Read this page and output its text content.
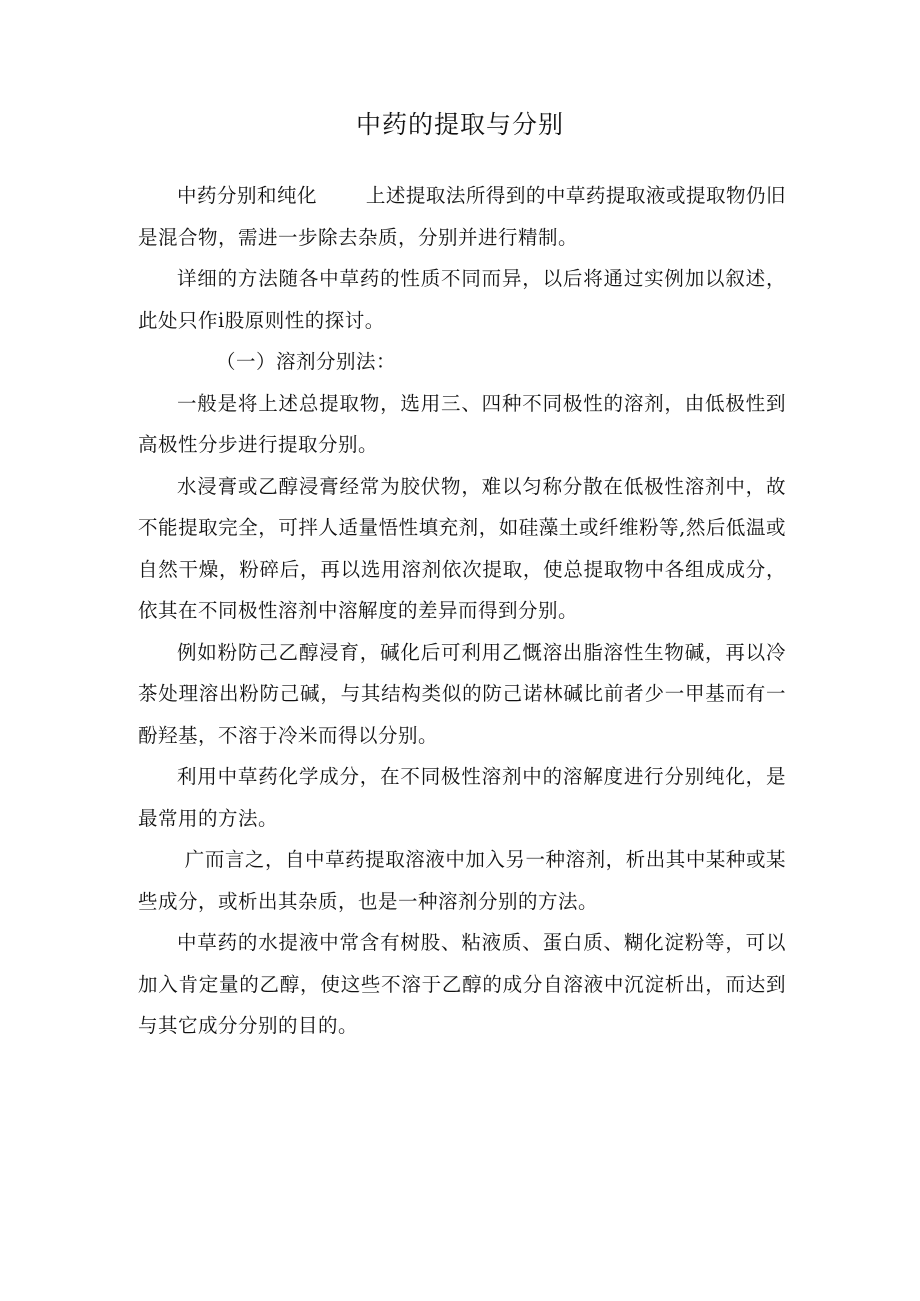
中药的提取与分别

中药分别和纯化	上述提取法所得到的中草药提取液或提取物仍旧是混合物，需进一步除去杂质，分别并进行精制。

详细的方法随各中草药的性质不同而异，以后将通过实例加以叙述，此处只作i股原则性的探讨。

（一）溶剂分别法：

一般是将上述总提取物，选用三、四种不同极性的溶剂，由低极性到高极性分步进行提取分别。

水浸膏或乙醇浸膏经常为胶伏物，难以匀称分散在低极性溶剂中，故不能提取完全，可拌人适量悟性填充剂，如硅藻土或纤维粉等,然后低温或自然干燥，粉碎后，再以选用溶剂依次提取，使总提取物中各组成成分，依其在不同极性溶剂中溶解度的差异而得到分别。

例如粉防己乙醇浸育，碱化后可利用乙慨溶出脂溶性生物碱，再以冷茶处理溶出粉防己碱，与其结构类似的防己诺林碱比前者少一甲基而有一酚羟基，不溶于冷米而得以分别。

利用中草药化学成分，在不同极性溶剂中的溶解度进行分别纯化，是最常用的方法。

广而言之，自中草药提取溶液中加入另一种溶剂，析出其中某种或某些成分，或析出其杂质，也是一种溶剂分别的方法。

中草药的水提液中常含有树股、粘液质、蛋白质、糊化淀粉等，可以加入肯定量的乙醇，使这些不溶于乙醇的成分自溶液中沉淀析出，而达到与其它成分分别的目的。
